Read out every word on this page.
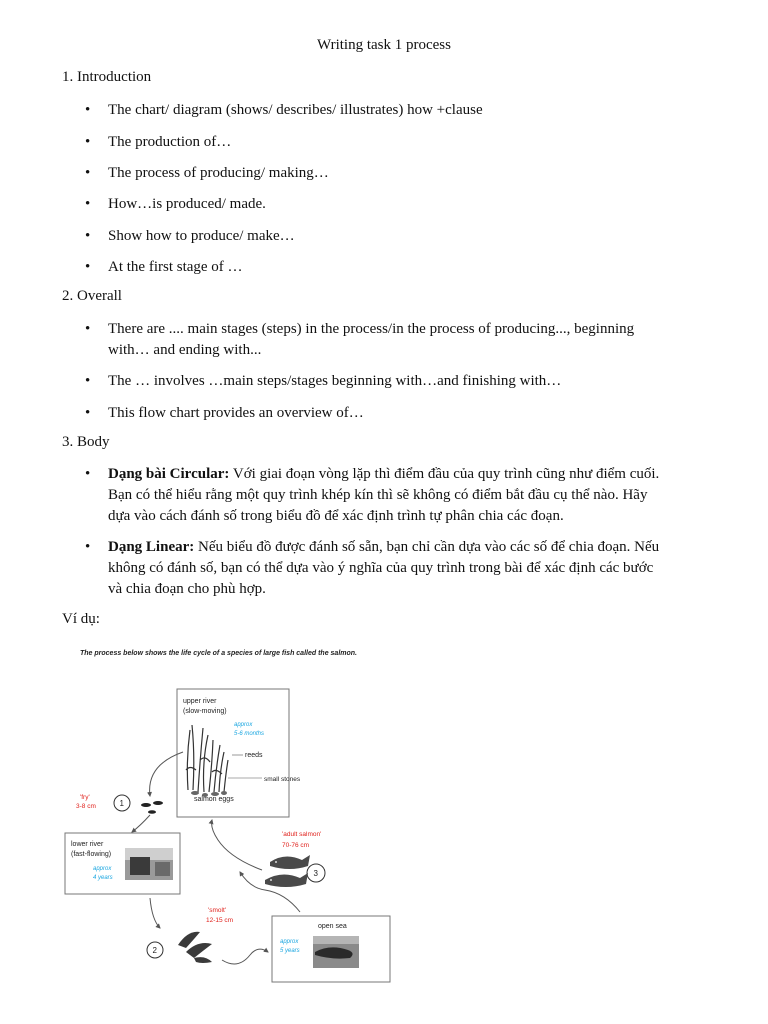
Writing task 1 process
1. Introduction
• The chart/ diagram (shows/ describes/ illustrates) how +clause
• The production of…
• The process of producing/ making…
• How…is produced/ made.
• Show how to produce/ make…
• At the first stage of …
2. Overall
• There are .... main stages (steps) in the process/in the process of producing..., beginning
with… and ending with...
• The … involves …main steps/stages beginning with…and finishing with…
• This flow chart provides an overview of…
3. Body
• Dạng bài Circular: Với giai đoạn vòng lặp thì điểm đầu của quy trình cũng như điểm cuối.
Bạn có thể hiểu rằng một quy trình khép kín thì sẽ không có điểm bắt đầu cụ thể nào. Hãy
dựa vào cách đánh số trong biểu đồ để xác định trình tự phân chia các đoạn.
• Dạng Linear: Nếu biểu đồ được đánh số sẵn, bạn chỉ cần dựa vào các số để chia đoạn. Nếu
không có đánh số, bạn có thể dựa vào ý nghĩa của quy trình trong bài để xác định các bước
và chia đoạn cho phù hợp.
Ví dụ:
The process below shows the life cycle of a species of large fish called the salmon.
upper river
(slow-moving)
approx
5-6 months
reeds
small stones
salmon eggs
'fry'
3-8 cm	1
lower river
(fast-flowing)
approx
4 years
'smolt'
12-15 cm
2
open sea
approx
5 years
'adult salmon'
70-76 cm
3
